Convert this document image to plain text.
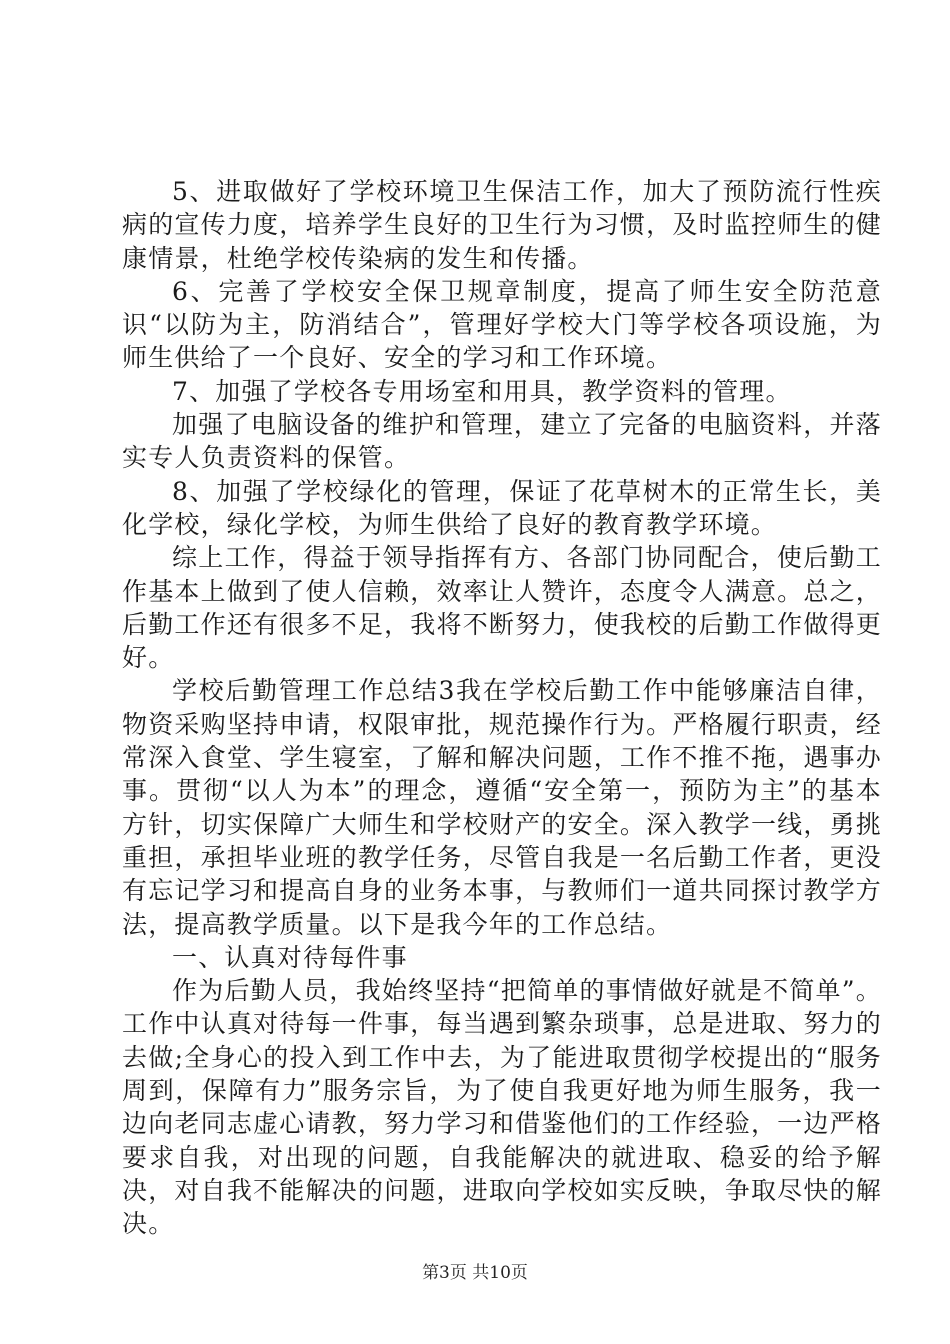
5、进取做好了学校环境卫生保洁工作，加大了预防流行性疾病的宣传力度，培养学生良好的卫生行为习惯，及时监控师生的健康情景，杜绝学校传染病的发生和传播。

6、完善了学校安全保卫规章制度，提高了师生安全防范意识“以防为主，防消结合”，管理好学校大门等学校各项设施，为师生供给了一个良好、安全的学习和工作环境。

7、加强了学校各专用场室和用具，教学资料的管理。

加强了电脑设备的维护和管理，建立了完备的电脑资料，并落实专人负责资料的保管。

8、加强了学校绿化的管理，保证了花草树木的正常生长，美化学校，绿化学校，为师生供给了良好的教育教学环境。

综上工作，得益于领导指挥有方、各部门协同配合，使后勤工作基本上做到了使人信赖，效率让人赞许，态度令人满意。总之，后勤工作还有很多不足，我将不断努力，使我校的后勤工作做得更好。

学校后勤管理工作总结3我在学校后勤工作中能够廉洁自律，物资采购坚持申请，权限审批，规范操作行为。严格履行职责，经常深入食堂、学生寝室，了解和解决问题，工作不推不拖，遇事办事。贯彻“以人为本”的理念，遵循“安全第一，预防为主”的基本方针，切实保障广大师生和学校财产的安全。深入教学一线，勇挑重担，承担毕业班的教学任务，尽管自我是一名后勤工作者，更没有忘记学习和提高自身的业务本事，与教师们一道共同探讨教学方法，提高教学质量。以下是我今年的工作总结。

一、认真对待每件事

作为后勤人员，我始终坚持“把简单的事情做好就是不简单”。工作中认真对待每一件事，每当遇到繁杂琐事，总是进取、努力的去做;全身心的投入到工作中去，为了能进取贯彻学校提出的“服务周到，保障有力”服务宗旨，为了使自我更好地为师生服务，我一边向老同志虚心请教，努力学习和借鉴他们的工作经验，一边严格要求自我，对出现的问题，自我能解决的就进取、稳妥的给予解决，对自我不能解决的问题，进取向学校如实反映，争取尽快的解决。

第3页 共10页
